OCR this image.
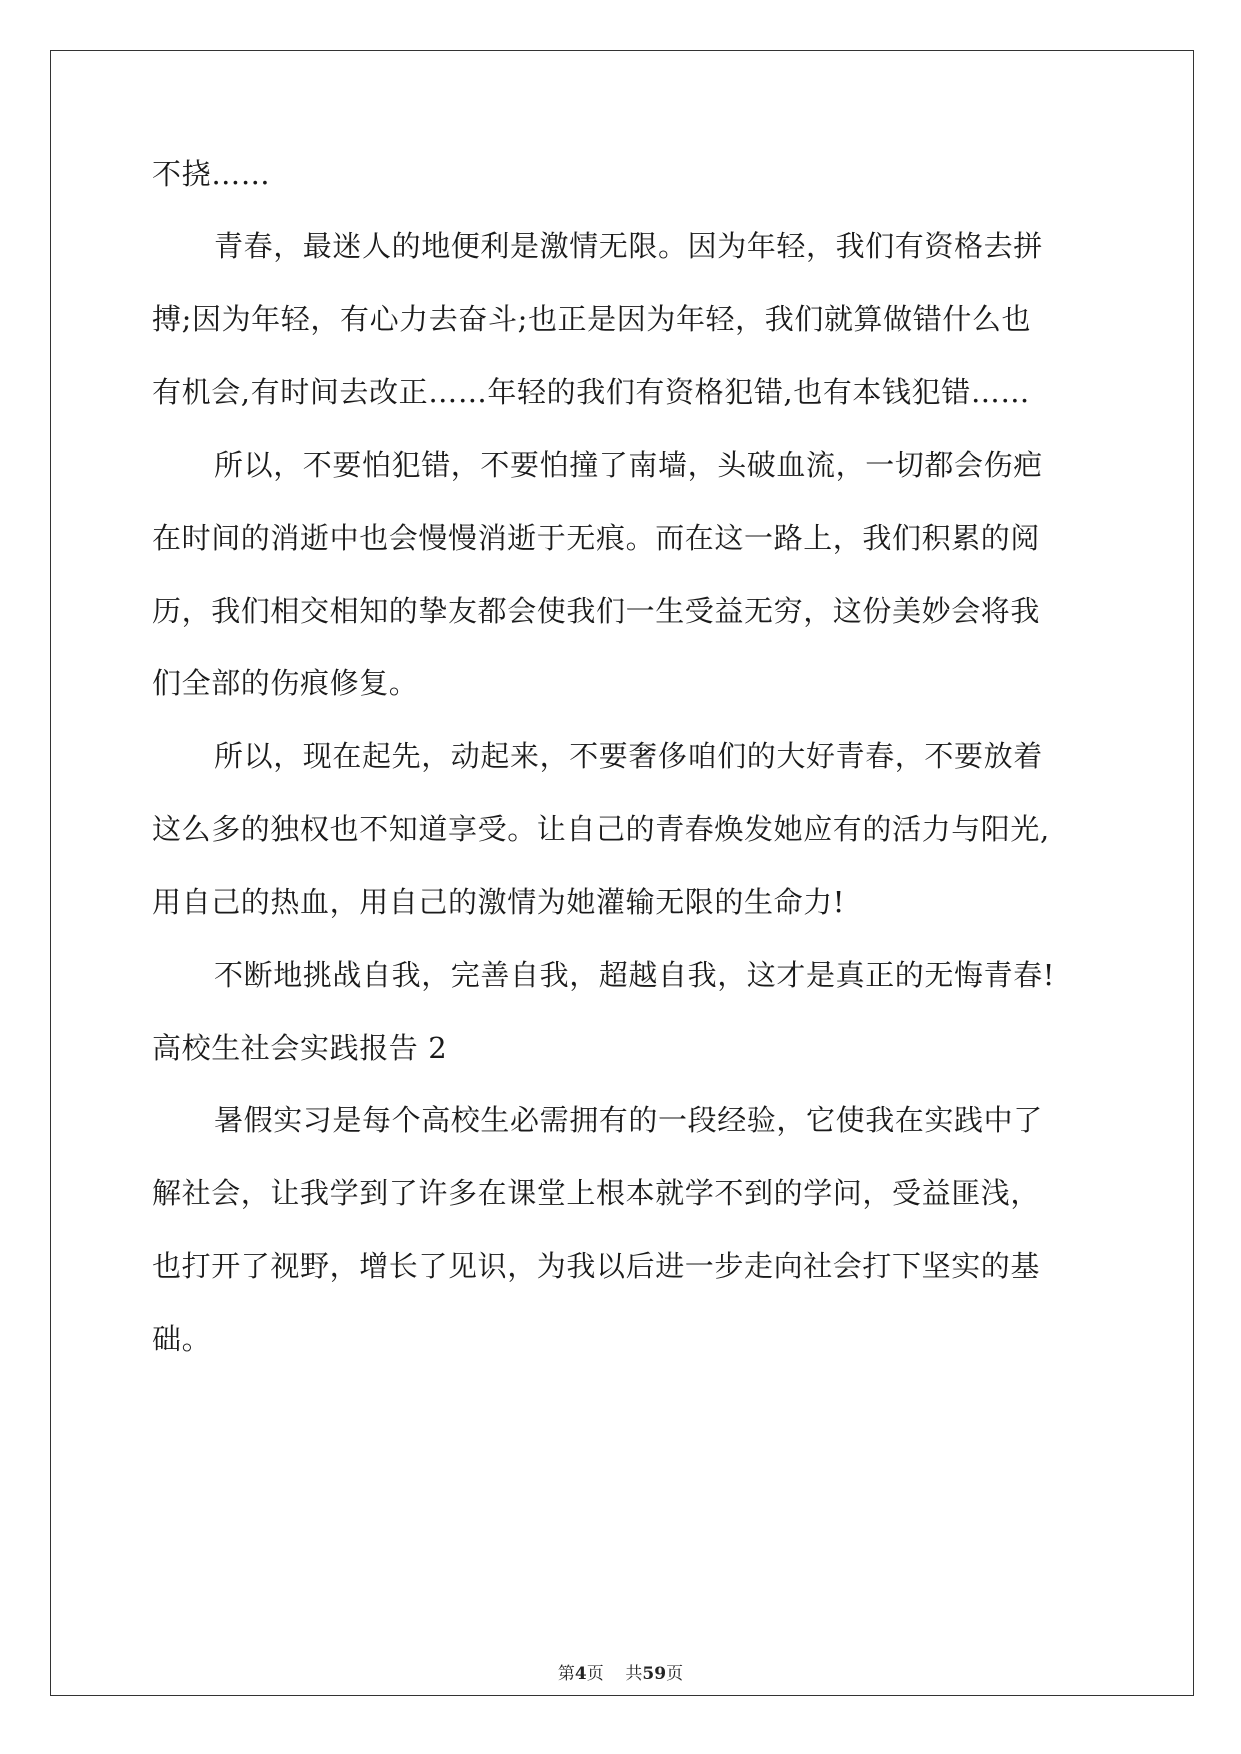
不挠……
青春，最迷人的地便利是激情无限。因为年轻，我们有资格去拼
搏;因为年轻，有心力去奋斗;也正是因为年轻，我们就算做错什么也
有机会,有时间去改正……年轻的我们有资格犯错,也有本钱犯错……
所以，不要怕犯错，不要怕撞了南墙，头破血流，一切都会伤疤
在时间的消逝中也会慢慢消逝于无痕。而在这一路上，我们积累的阅
历，我们相交相知的挚友都会使我们一生受益无穷，这份美妙会将我
们全部的伤痕修复。
所以，现在起先，动起来，不要奢侈咱们的大好青春，不要放着
这么多的独权也不知道享受。让自己的青春焕发她应有的活力与阳光,
用自己的热血，用自己的激情为她灌输无限的生命力!
不断地挑战自我，完善自我，超越自我，这才是真正的无悔青春!
高校生社会实践报告 2
暑假实习是每个高校生必需拥有的一段经验，它使我在实践中了
解社会，让我学到了许多在课堂上根本就学不到的学问，受益匪浅，
也打开了视野，增长了见识，为我以后进一步走向社会打下坚实的基
础。
第4页 共59页
